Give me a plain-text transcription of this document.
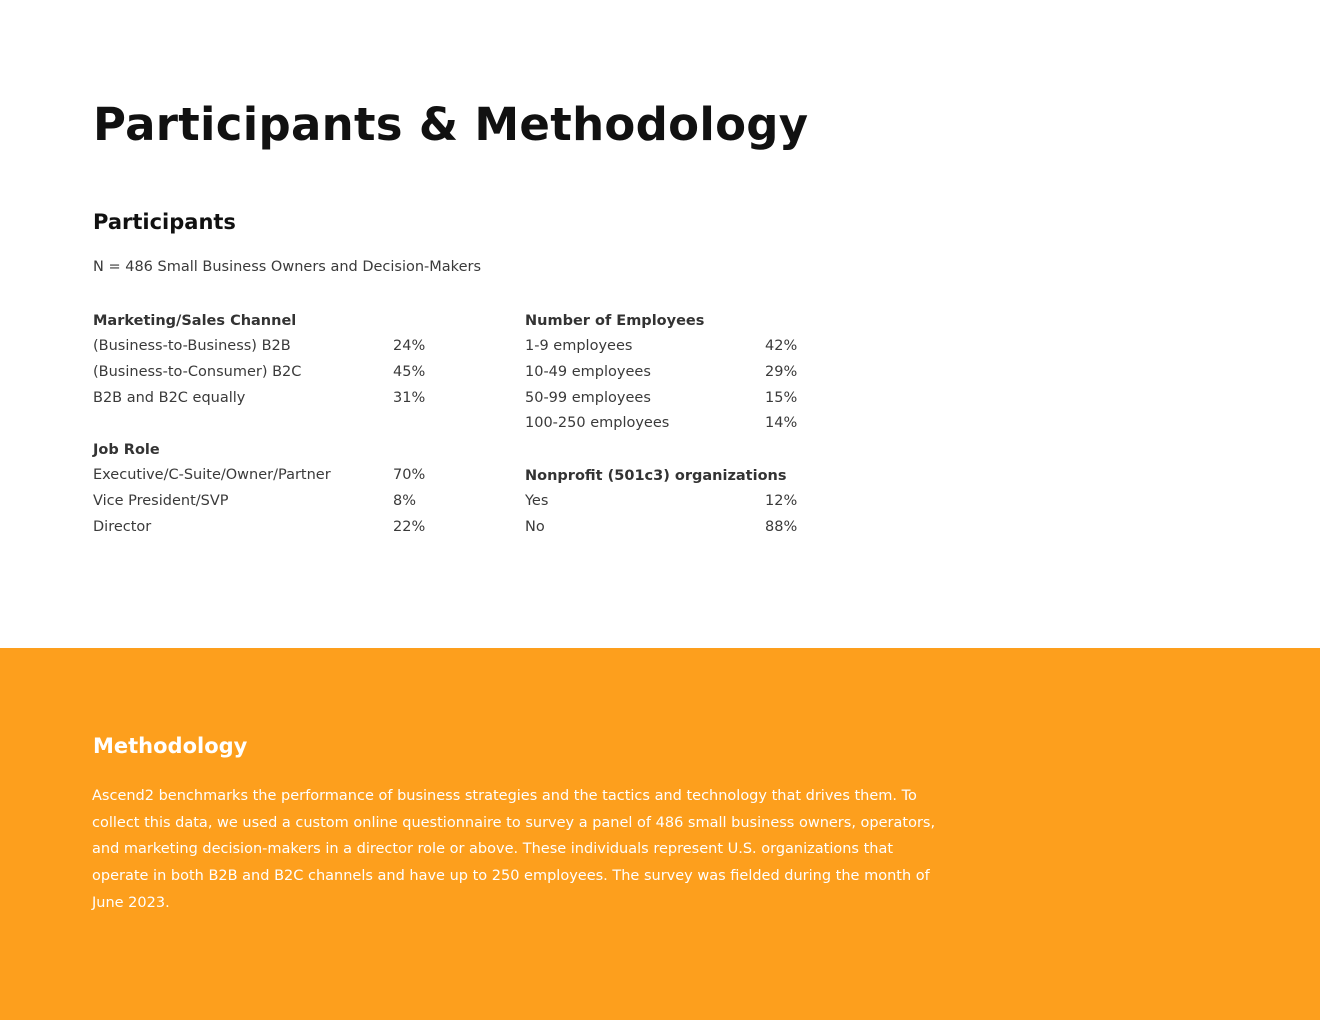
Participants & Methodology
Participants
N = 486 Small Business Owners and Decision-Makers
Marketing/Sales Channel
(Business-to-Business) B2B	24%
(Business-to-Consumer) B2C	45%
B2B and B2C equally	31%
Job Role
Executive/C-Suite/Owner/Partner	70%
Vice President/SVP	8%
Director	22%
Number of Employees
1-9 employees	42%
10-49 employees	29%
50-99 employees	15%
100-250 employees	14%
Nonprofit (501c3) organizations
Yes	12%
No	88%
Methodology

Ascend2 benchmarks the performance of business strategies and the tactics and technology that drives them. To collect this data, we used a custom online questionnaire to survey a panel of 486 small business owners, operators, and marketing decision-makers in a director role or above. These individuals represent U.S. organizations that operate in both B2B and B2C channels and have up to 250 employees. The survey was fielded during the month of June 2023.
